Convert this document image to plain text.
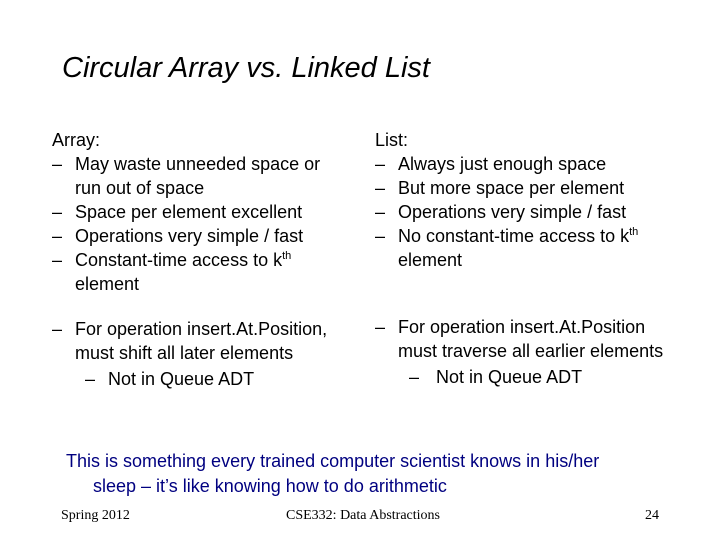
Circular Array vs. Linked List
Array:
– May waste unneeded space or
run out of space
– Space per element excellent
– Operations very simple / fast
– Constant-time access to $k^{th}$
element
– For operation insert.At.Position,
must shift all later elements
– Not in Queue ADT
List:
– Always just enough space
– But more space per element
– Operations very simple / fast
– No constant-time access to $k^{th}$
element
– For operation insert.At.Position
must traverse all earlier elements
– Not in Queue ADT
This is something every trained computer scientist knows in his/her
sleep – it’s like knowing how to do arithmetic
Spring 2012	CSE332: Data Abstractions	24
